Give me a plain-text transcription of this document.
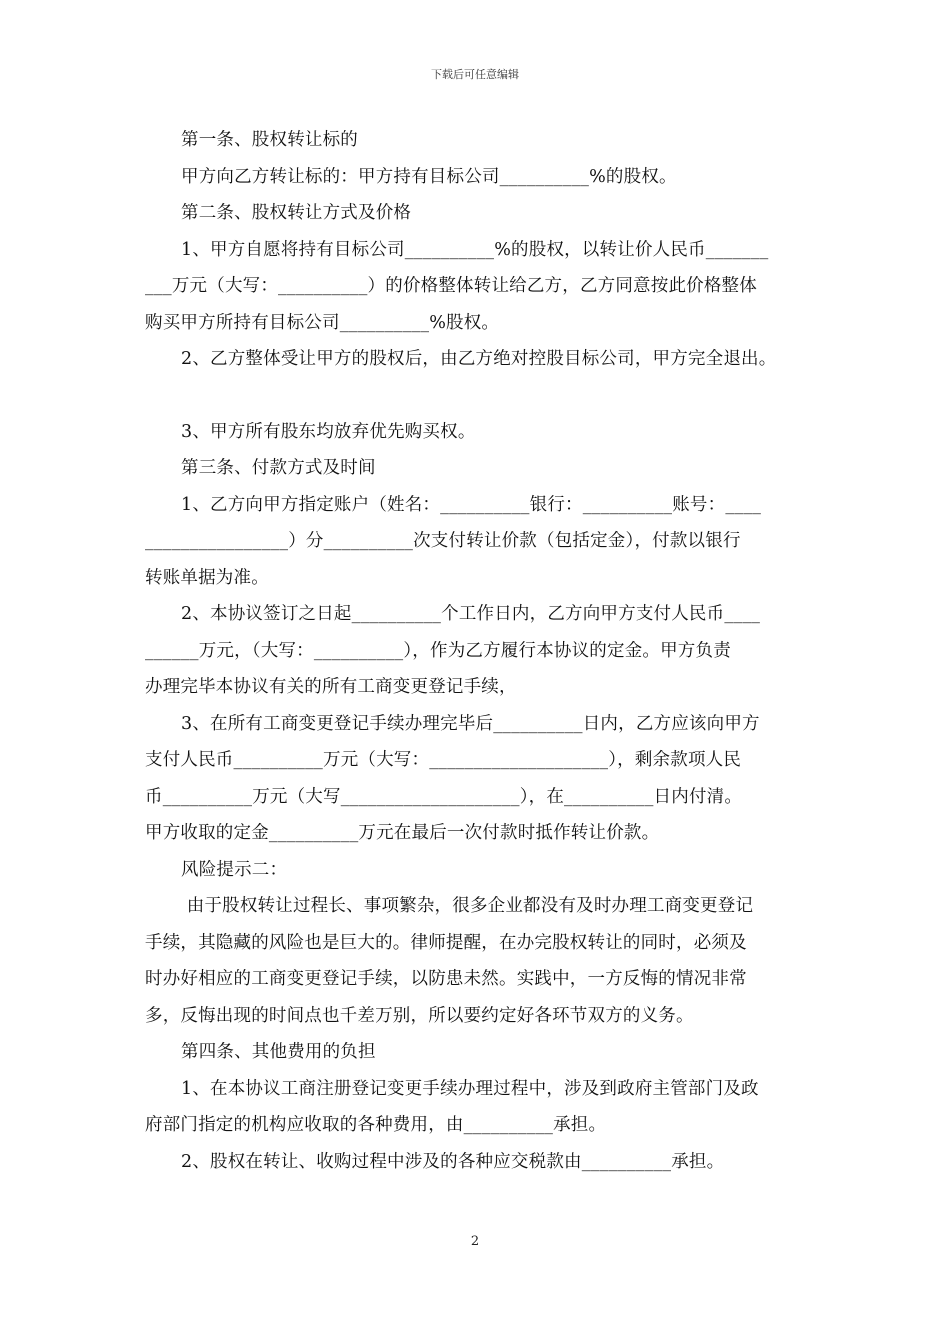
下载后可任意编辑
第一条、股权转让标的
甲方向乙方转让标的：甲方持有目标公司__________%的股权。
第二条、股权转让方式及价格
1、甲方自愿将持有目标公司__________%的股权，以转让价人民币_______
___万元（大写：__________）的价格整体转让给乙方，乙方同意按此价格整体
购买甲方所持有目标公司__________%股权。
2、乙方整体受让甲方的股权后，由乙方绝对控股目标公司，甲方完全退出。
3、甲方所有股东均放弃优先购买权。
第三条、付款方式及时间
1、乙方向甲方指定账户（姓名：__________银行：__________账号：____
________________）分__________次支付转让价款（包括定金），付款以银行
转账单据为准。
2、本协议签订之日起__________个工作日内，乙方向甲方支付人民币____
______万元，（大写：__________），作为乙方履行本协议的定金。甲方负责
办理完毕本协议有关的所有工商变更登记手续，
3、在所有工商变更登记手续办理完毕后__________日内，乙方应该向甲方
支付人民币__________万元（大写：____________________），剩余款项人民
币__________万元（大写____________________），在__________日内付清。
甲方收取的定金__________万元在最后一次付款时抵作转让价款。
风险提示二：
由于股权转让过程长、事项繁杂，很多企业都没有及时办理工商变更登记
手续，其隐藏的风险也是巨大的。律师提醒，在办完股权转让的同时，必须及
时办好相应的工商变更登记手续，以防患未然。实践中，一方反悔的情况非常
多，反悔出现的时间点也千差万别，所以要约定好各环节双方的义务。
第四条、其他费用的负担
1、在本协议工商注册登记变更手续办理过程中，涉及到政府主管部门及政
府部门指定的机构应收取的各种费用，由__________承担。
2、股权在转让、收购过程中涉及的各种应交税款由__________承担。
2
